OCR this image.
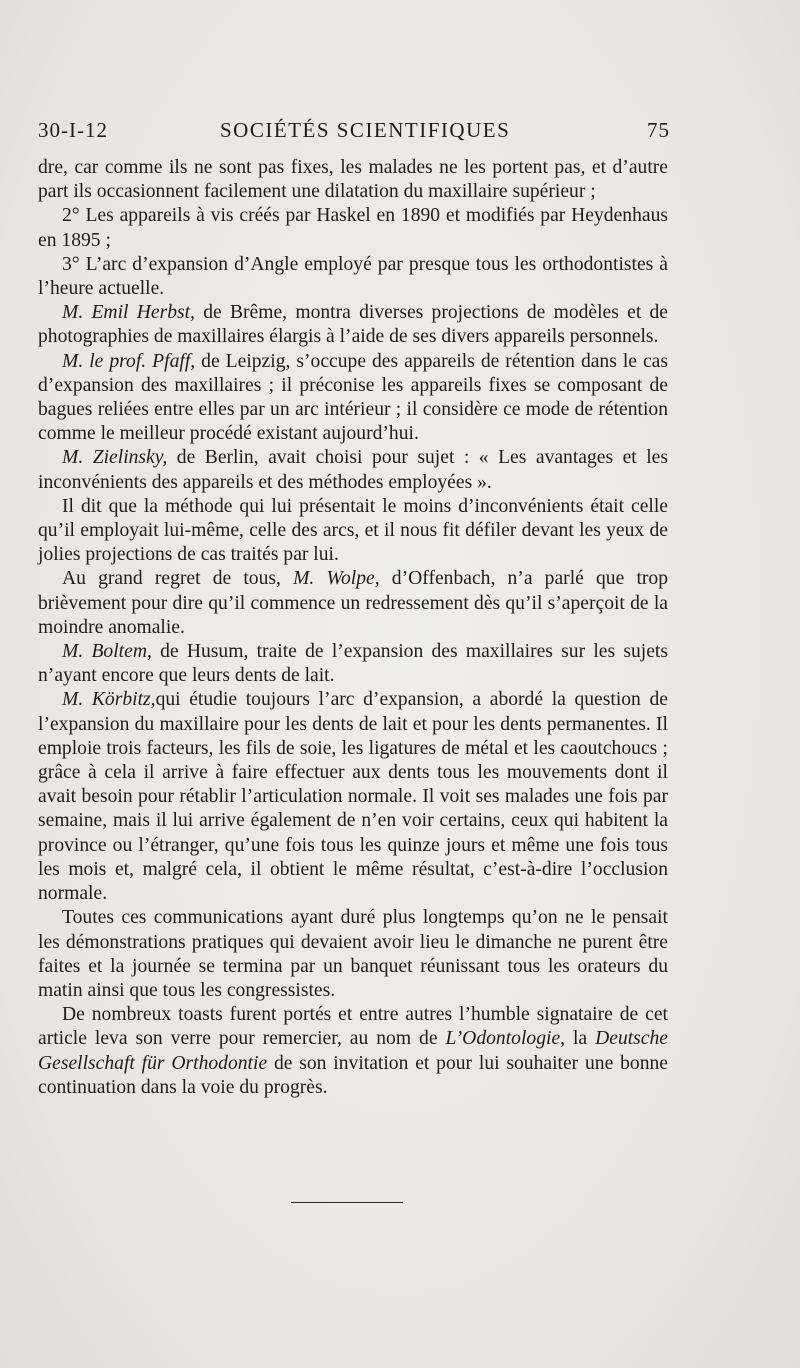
30-I-12	SOCIÉTÉS SCIENTIFIQUES	75

dre, car comme ils ne sont pas fixes, les malades ne les portent pas, et d’autre part ils occasionnent facilement une dilatation du maxillaire supérieur ;

2° Les appareils à vis créés par Haskel en 1890 et modifiés par Heydenhaus en 1895 ;

3° L’arc d’expansion d’Angle employé par presque tous les orthodontistes à l’heure actuelle.

M. Emil Herbst, de Brême, montra diverses projections de modèles et de photographies de maxillaires élargis à l’aide de ses divers appareils personnels.

M. le prof. Pfaff, de Leipzig, s’occupe des appareils de rétention dans le cas d’expansion des maxillaires ; il préconise les appareils fixes se composant de bagues reliées entre elles par un arc intérieur ; il considère ce mode de rétention comme le meilleur procédé existant aujourd’hui.

M. Zielinsky, de Berlin, avait choisi pour sujet : « Les avantages et les inconvénients des appareils et des méthodes employées ».

Il dit que la méthode qui lui présentait le moins d’inconvénients était celle qu’il employait lui-même, celle des arcs, et il nous fit défiler devant les yeux de jolies projections de cas traités par lui.

Au grand regret de tous, M. Wolpe, d’Offenbach, n’a parlé que trop brièvement pour dire qu’il commence un redressement dès qu’il s’aperçoit de la moindre anomalie.

M. Boltem, de Husum, traite de l’expansion des maxillaires sur les sujets n’ayant encore que leurs dents de lait.

M. Körbitz,qui étudie toujours l’arc d’expansion, a abordé la question de l’expansion du maxillaire pour les dents de lait et pour les dents permanentes. Il emploie trois facteurs, les fils de soie, les ligatures de métal et les caoutchoucs ; grâce à cela il arrive à faire effectuer aux dents tous les mouvements dont il avait besoin pour rétablir l’articulation normale. Il voit ses malades une fois par semaine, mais il lui arrive également de n’en voir certains, ceux qui habitent la province ou l’étranger, qu’une fois tous les quinze jours et même une fois tous les mois et, malgré cela, il obtient le même résultat, c’est-à-dire l’occlusion normale.

Toutes ces communications ayant duré plus longtemps qu’on ne le pensait les démonstrations pratiques qui devaient avoir lieu le dimanche ne purent être faites et la journée se termina par un banquet réunissant tous les orateurs du matin ainsi que tous les congressistes.

De nombreux toasts furent portés et entre autres l’humble signataire de cet article leva son verre pour remercier, au nom de L’Odontologie, la Deutsche Gesellschaft für Orthodontie de son invitation et pour lui souhaiter une bonne continuation dans la voie du progrès.
